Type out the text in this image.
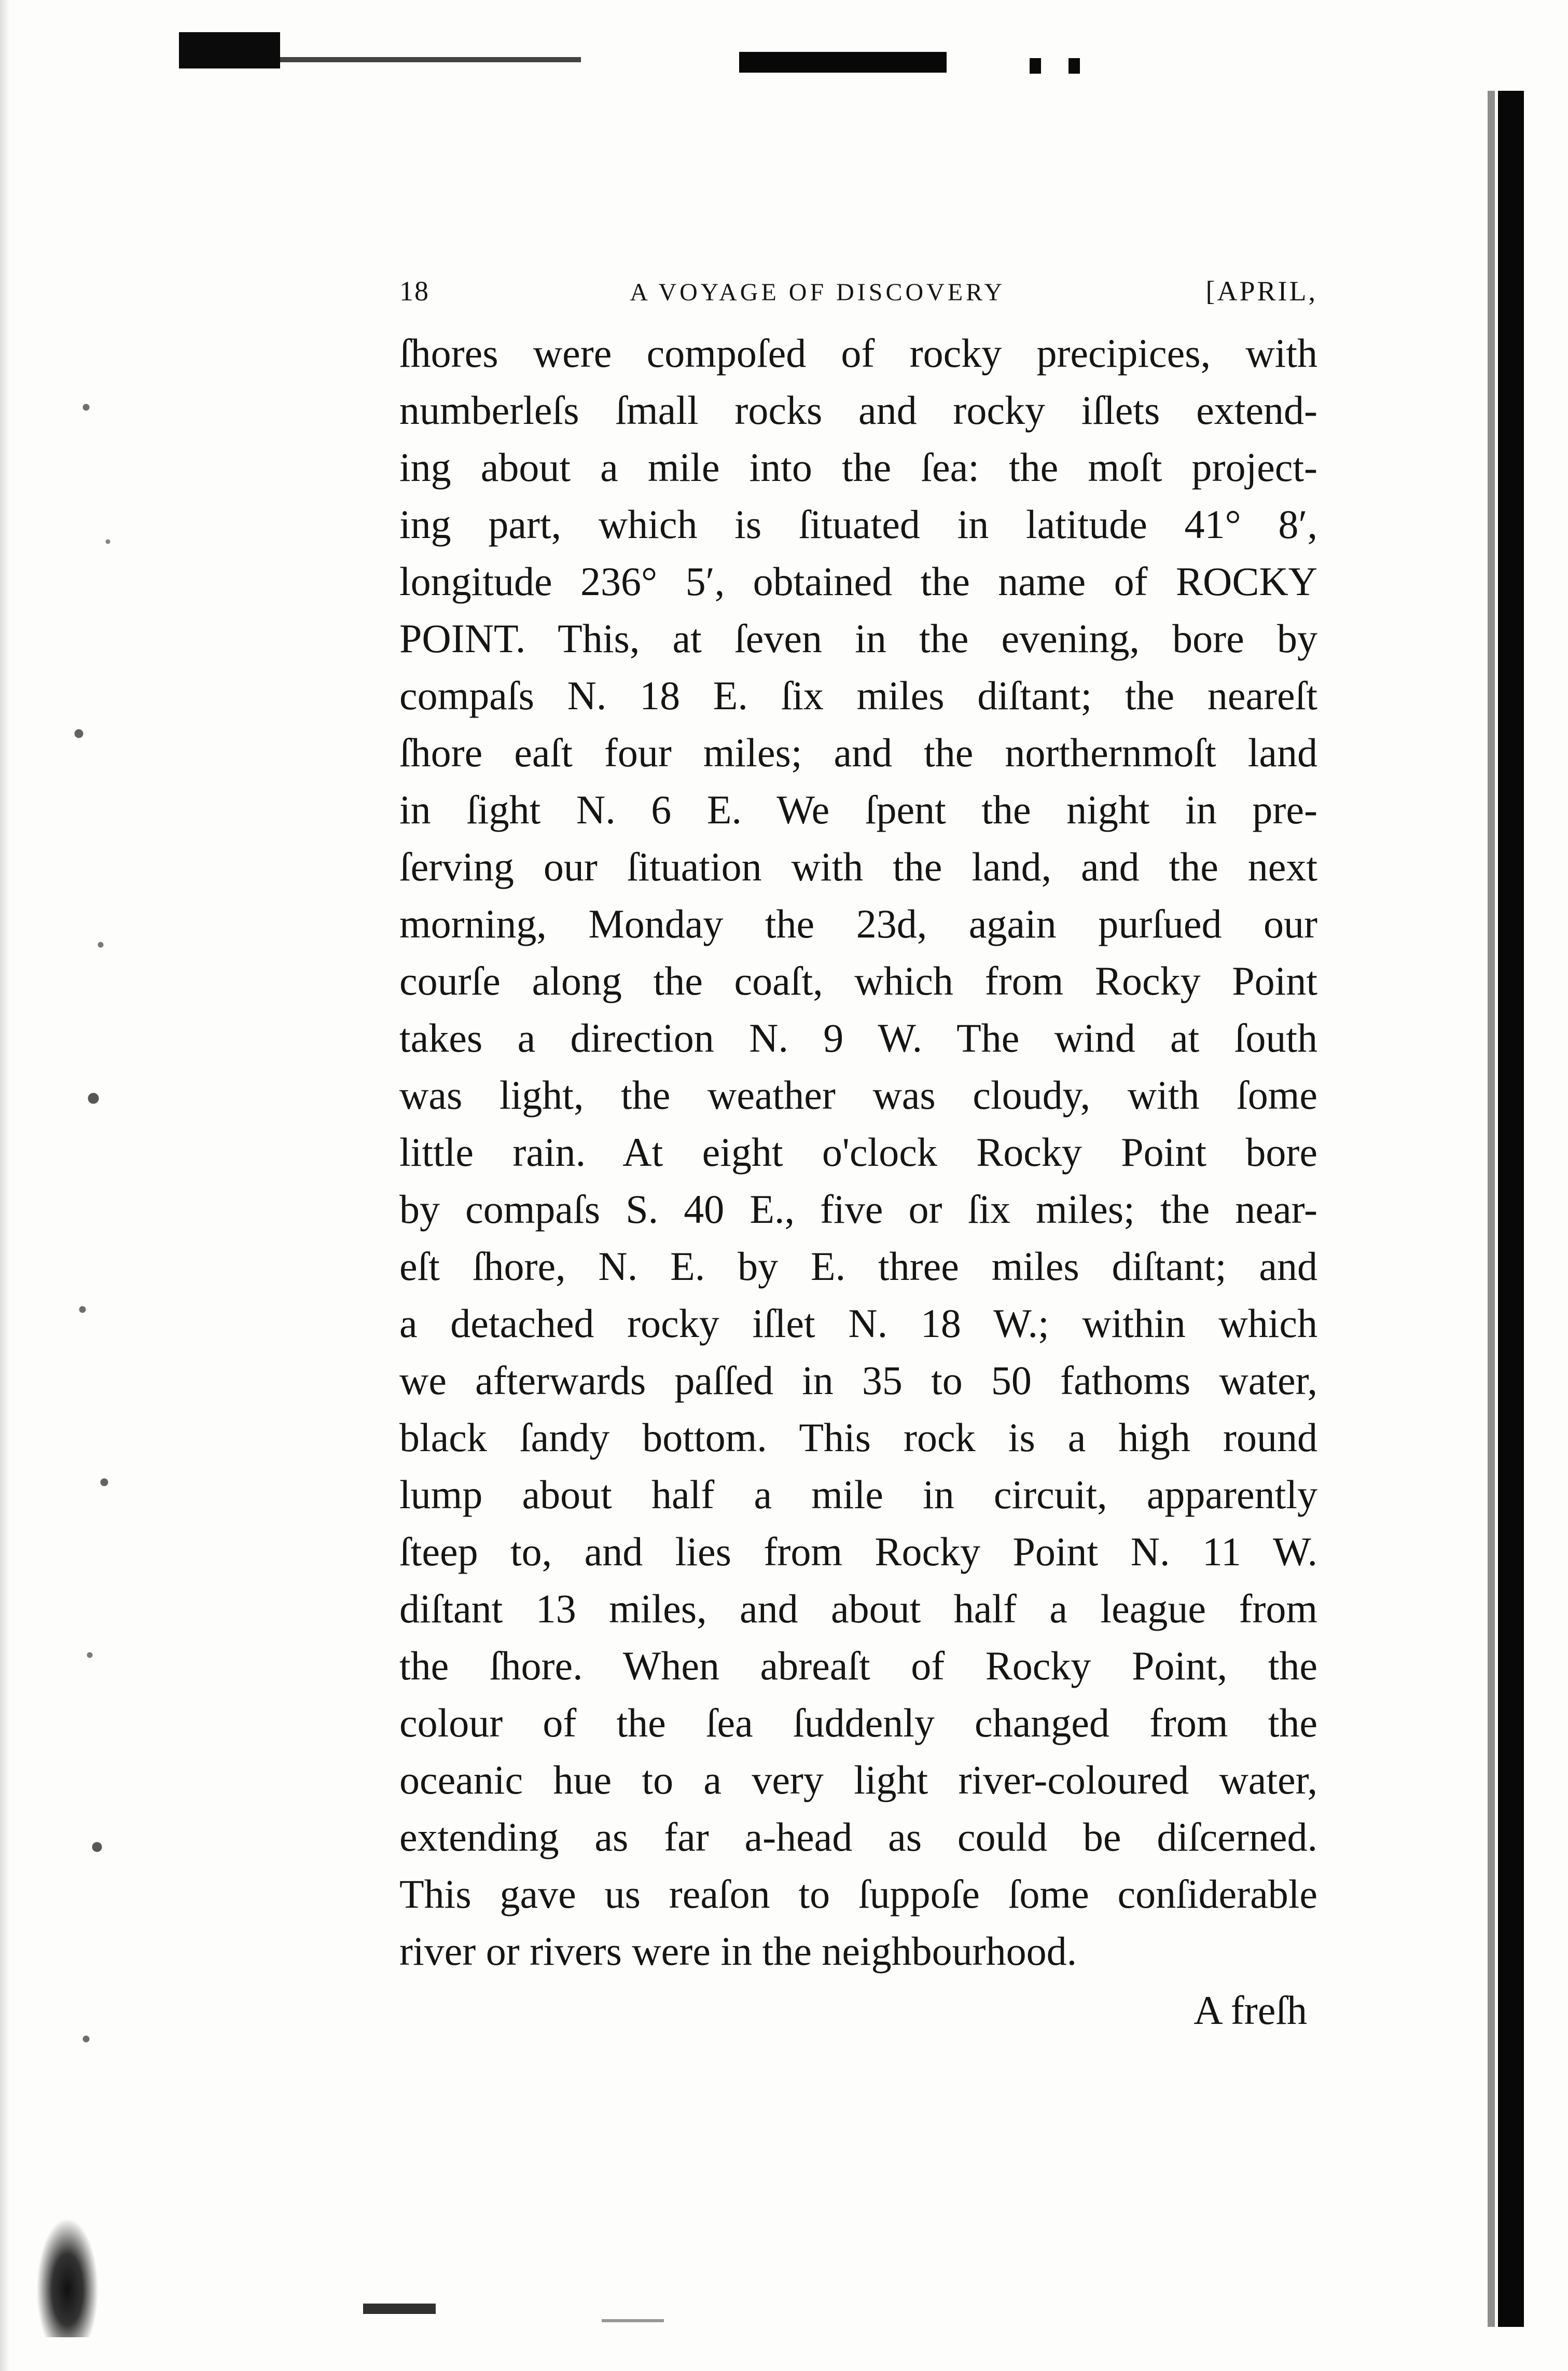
18	A VOYAGE OF DISCOVERY	[APRIL,
ſhores were compoſed of rocky precipices, with
numberleſs ſmall rocks and rocky iſlets extend-
ing about a mile into the ſea: the moſt project-
ing part, which is ſituated in latitude 41° 8′,
longitude 236° 5′, obtained the name of ROCKY
POINT. This, at ſeven in the evening, bore by
compaſs N. 18 E. ſix miles diſtant; the neareſt
ſhore eaſt four miles; and the northernmoſt land
in ſight N. 6 E. We ſpent the night in pre-
ſerving our ſituation with the land, and the next
morning, Monday the 23d, again purſued our
courſe along the coaſt, which from Rocky Point
takes a direction N. 9 W. The wind at ſouth
was light, the weather was cloudy, with ſome
little rain. At eight o'clock Rocky Point bore
by compaſs S. 40 E., five or ſix miles; the near-
eſt ſhore, N. E. by E. three miles diſtant; and
a detached rocky iſlet N. 18 W.; within which
we afterwards paſſed in 35 to 50 fathoms water,
black ſandy bottom. This rock is a high round
lump about half a mile in circuit, apparently
ſteep to, and lies from Rocky Point N. 11 W.
diſtant 13 miles, and about half a league from
the ſhore. When abreaſt of Rocky Point, the
colour of the ſea ſuddenly changed from the
oceanic hue to a very light river-coloured water,
extending as far a-head as could be diſcerned.
This gave us reaſon to ſuppoſe ſome conſiderable
river or rivers were in the neighbourhood.
A freſh
